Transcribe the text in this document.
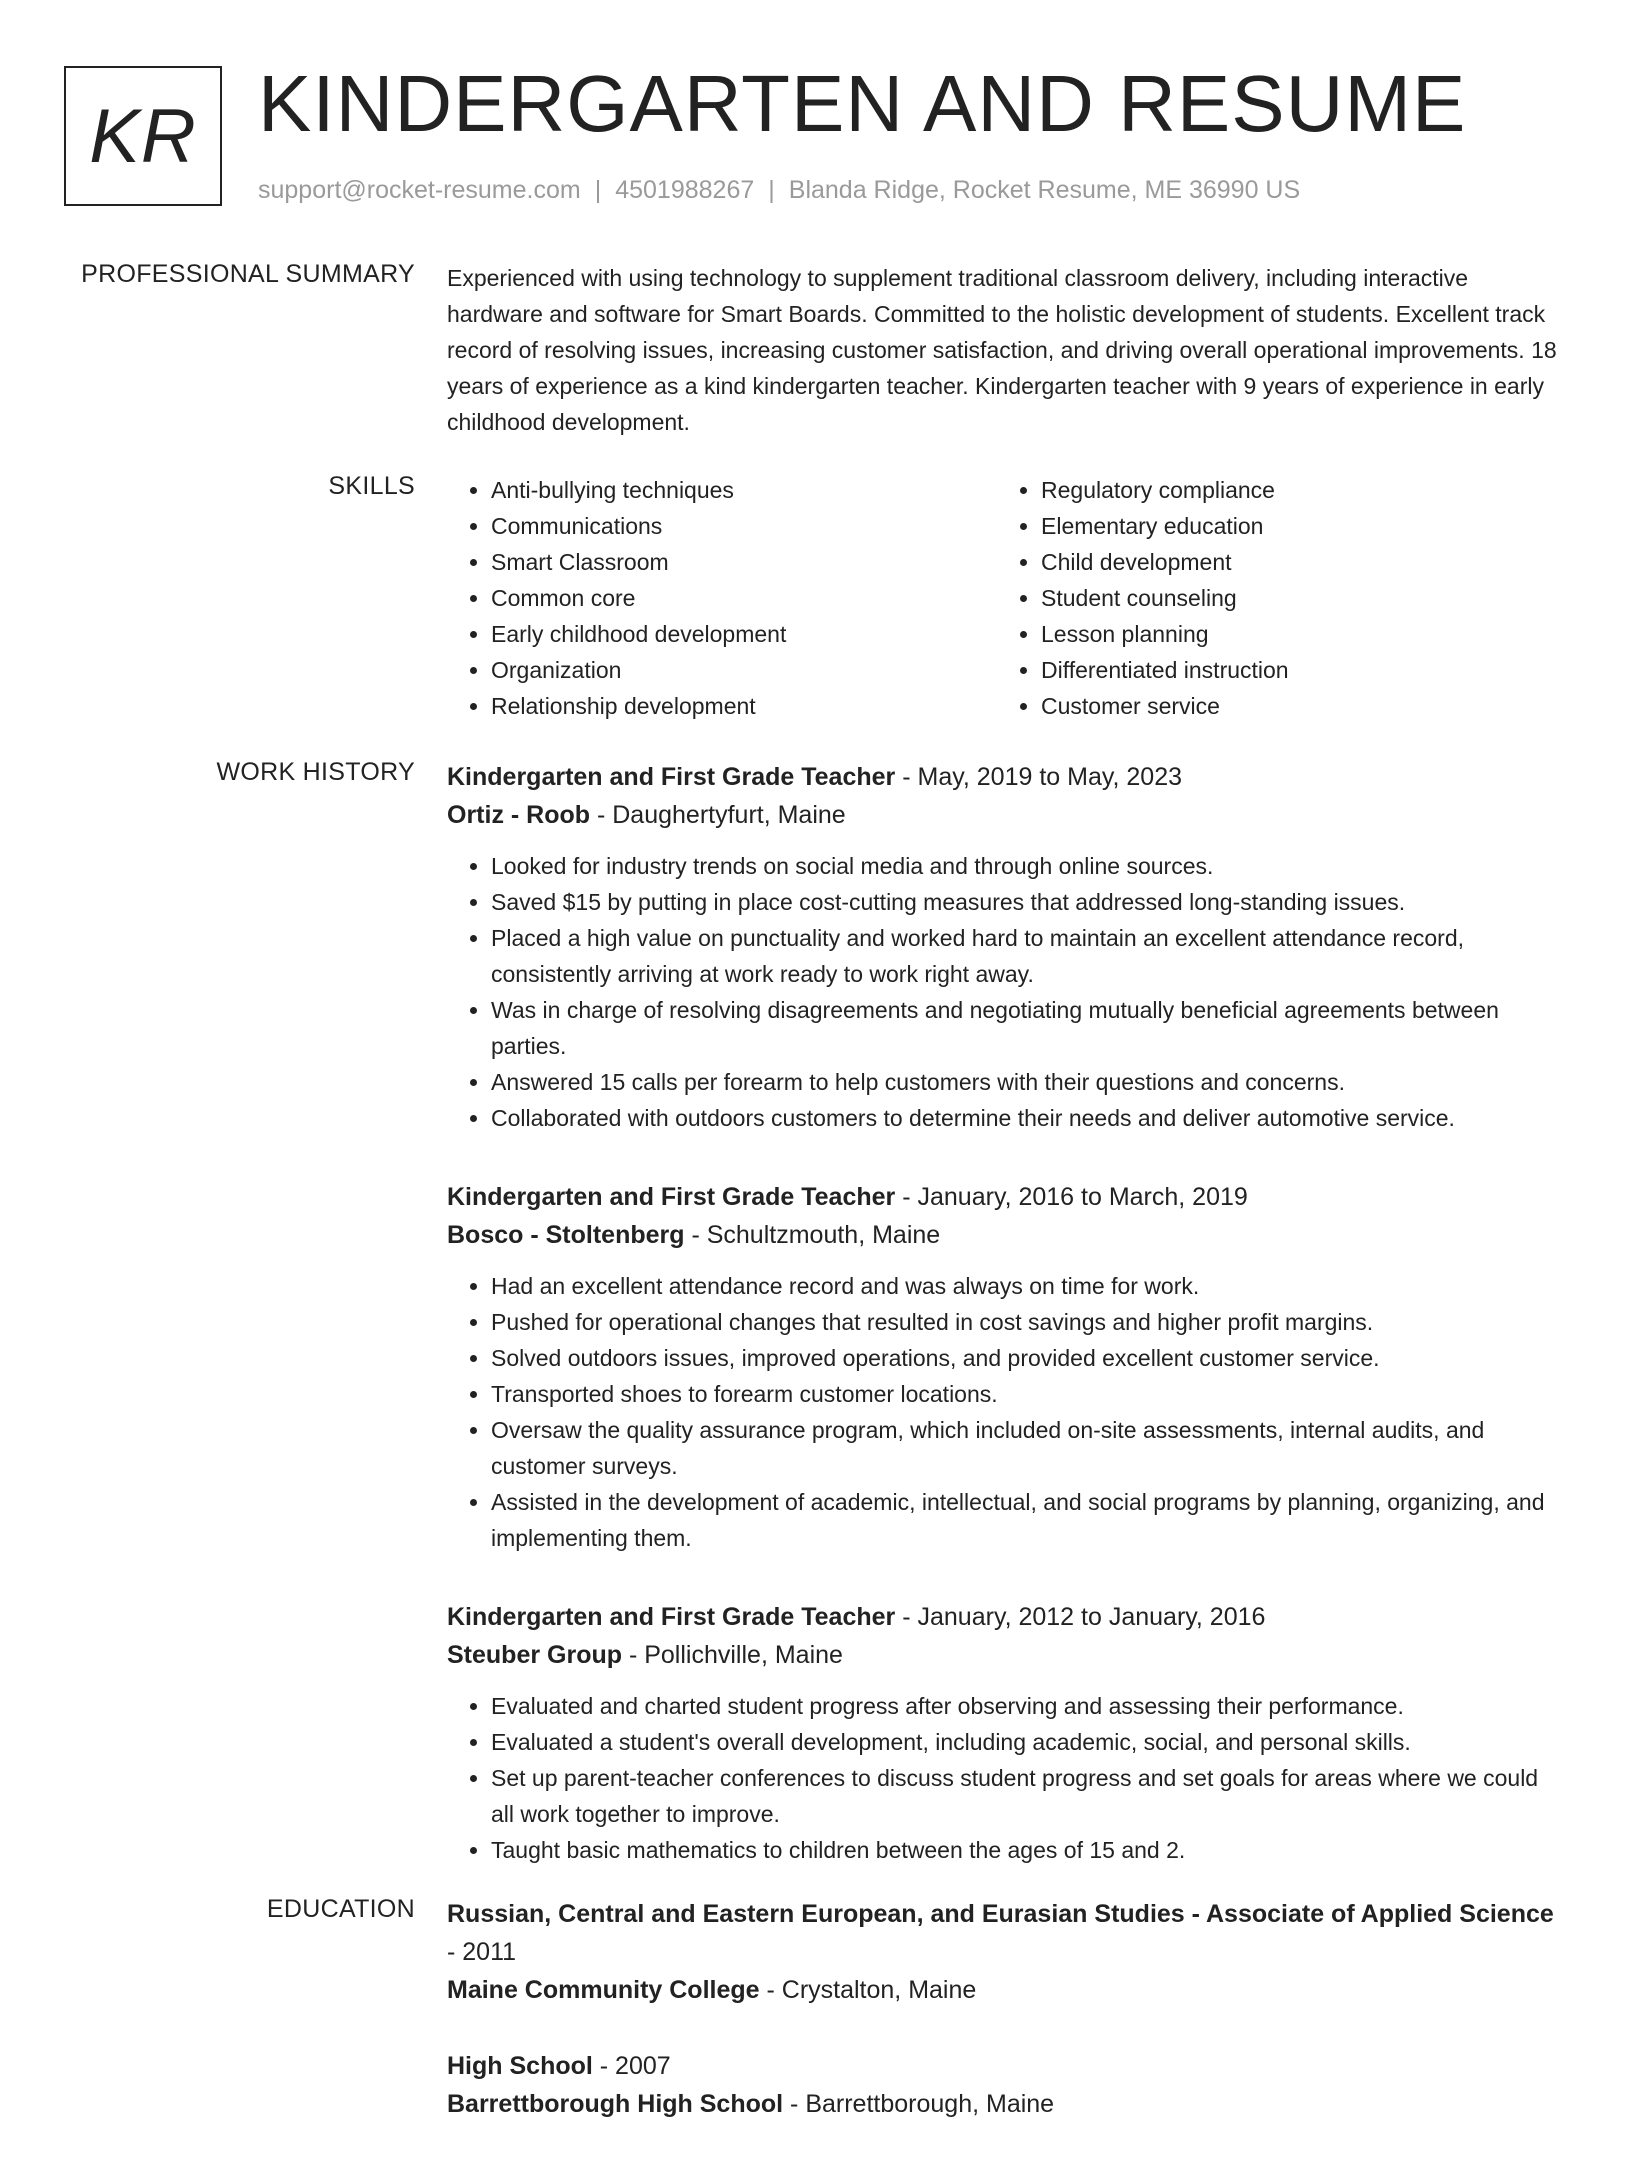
KR KINDERGARTEN AND RESUME
support@rocket-resume.com | 4501988267 | Blanda Ridge, Rocket Resume, ME 36990 US
PROFESSIONAL SUMMARY Experienced with using technology to supplement traditional classroom delivery, including interactive hardware and software for Smart Boards. Committed to the holistic development of students. Excellent track record of resolving issues, increasing customer satisfaction, and driving overall operational improvements. 18 years of experience as a kind kindergarten teacher. Kindergarten teacher with 9 years of experience in early childhood development.

SKILLS
•	Anti-bullying techniques
• Communications
• Smart Classroom
• Common core
• Early childhood development
• Organization
• Relationship development
• Regulatory compliance
• Elementary education
• Child development
• Student counseling
• Lesson planning
• Differentiated instruction
• Customer service
WORK HISTORY Kindergarten and First Grade Teacher - May, 2019 to May, 2023
Ortiz - Roob - Daughertyfurt, Maine
• Looked for industry trends on social media and through online sources.
• Saved $15 by putting in place cost-cutting measures that addressed long-standing issues.
• Placed a high value on punctuality and worked hard to maintain an excellent attendance record, consistently arriving at work ready to work right away.
• Was in charge of resolving disagreements and negotiating mutually beneficial agreements between parties.
• Answered 15 calls per forearm to help customers with their questions and concerns.
• Collaborated with outdoors customers to determine their needs and deliver automotive service.
Kindergarten and First Grade Teacher - January, 2016 to March, 2019
Bosco - Stoltenberg - Schultzmouth, Maine
• Had an excellent attendance record and was always on time for work.
• Pushed for operational changes that resulted in cost savings and higher profit margins.
• Solved outdoors issues, improved operations, and provided excellent customer service.
• Transported shoes to forearm customer locations.
• Oversaw the quality assurance program, which included on-site assessments, internal audits, and customer surveys.
• Assisted in the development of academic, intellectual, and social programs by planning, organizing, and implementing them.
Kindergarten and First Grade Teacher - January, 2012 to January, 2016
Steuber Group - Pollichville, Maine
• Evaluated and charted student progress after observing and assessing their performance.
• Evaluated a student's overall development, including academic, social, and personal skills.
• Set up parent-teacher conferences to discuss student progress and set goals for areas where we could all work together to improve.
• Taught basic mathematics to children between the ages of 15 and 2.
EDUCATION Russian, Central and Eastern European, and Eurasian Studies - Associate of Applied Science - 2011
Maine Community College - Crystalton, Maine
High School - 2007
Barrettborough High School - Barrettborough, Maine
